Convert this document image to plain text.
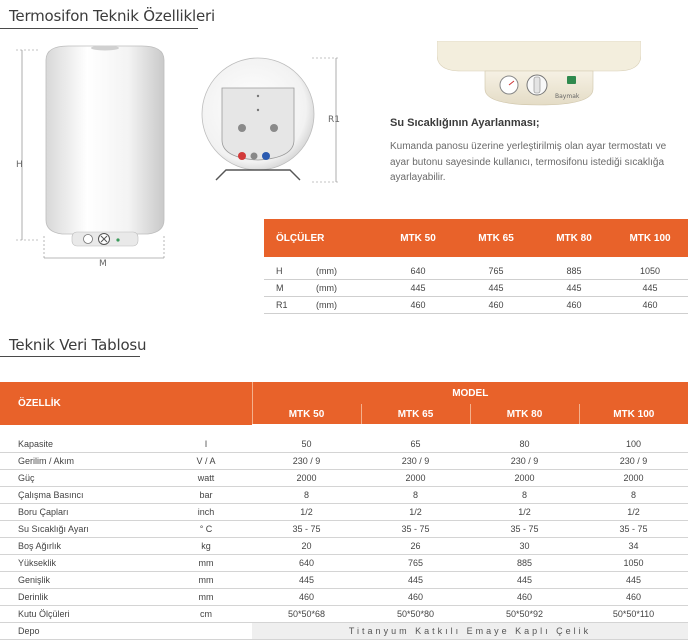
Termosifon Teknik Özellikleri
H
M
R1
Baymak
Su Sıcaklığının Ayarlanması;
Kumanda panosu üzerine yerleştirilmiş olan ayar termostatı ve ayar butonu sayesinde kullanıcı, termosifonu istediği sıcaklığa ayarlayabilir.
ÖLÇÜLER		MTK 50	MTK 65	MTK 80	MTK 100

H	(mm)	640	765	885	1050
M	(mm)	445	445	445	445
R1	(mm)	460	460	460	460
Teknik Veri Tablosu
ÖZELLİK		MODEL			
		MTK 50	MTK 65	MTK 80	MTK 100

Kapasite	l	50	65	80	100
Gerilim / Akım	V / A	230 / 9	230 / 9	230 / 9	230 / 9
Güç	watt	2000	2000	2000	2000
Çalışma Basıncı	bar	8	8	8	8
Boru Çapları	inch	1/2	1/2	1/2	1/2
Su Sıcaklığı Ayarı	° C	35 - 75	35 - 75	35 - 75	35 - 75
Boş Ağırlık	kg	20	26	30	34
Yükseklik	mm	640	765	885	1050
Genişlik	mm	445	445	445	445
Derinlik	mm	460	460	460	460
Kutu Ölçüleri	cm	50*50*68	50*50*80	50*50*92	50*50*110
Depo		Titanyum Katkılı Emaye Kaplı Çelik			
